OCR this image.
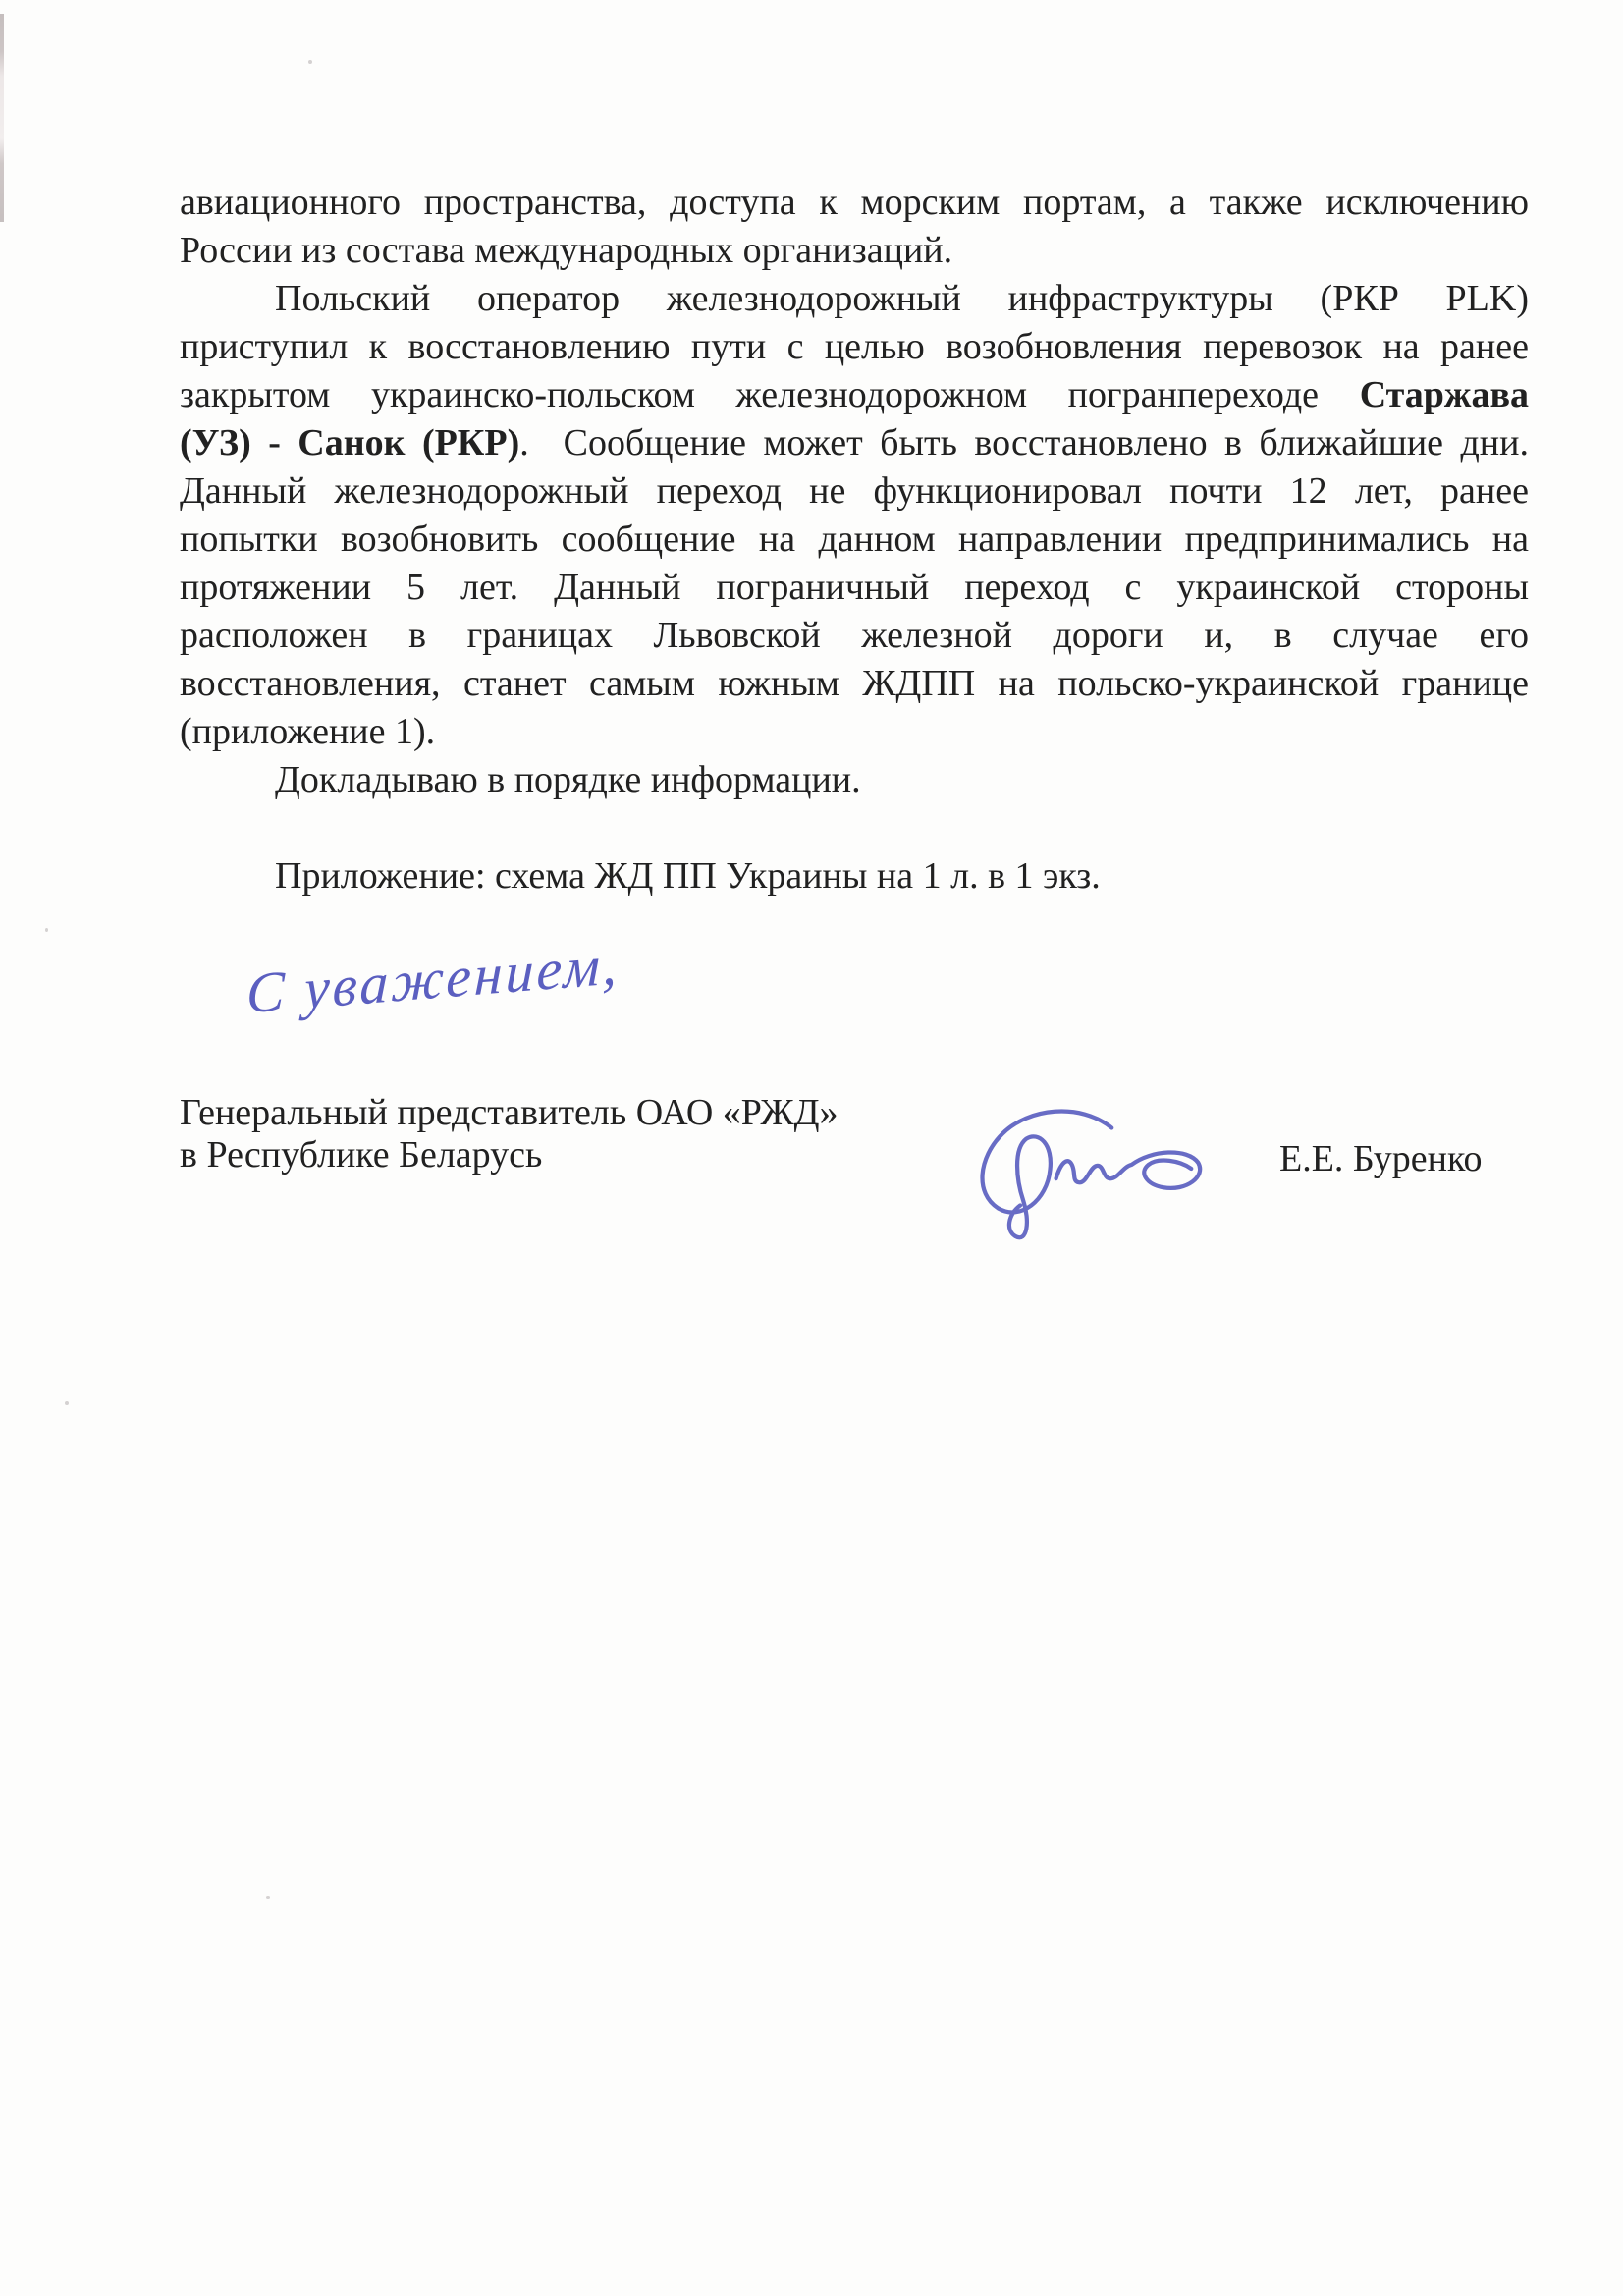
авиационного пространства, доступа к морским портам, а также исключению
России из состава международных организаций.
Польский оператор железнодорожный инфраструктуры (РКР PLK)
приступил к восстановлению пути с целью возобновления перевозок на ранее
закрытом украинско-польском железнодорожном погранпереходе Старжава
(УЗ) - Санок (РКР).  Сообщение может быть восстановлено в ближайшие дни.
Данный железнодорожный переход не функционировал почти 12 лет, ранее
попытки возобновить сообщение на данном направлении предпринимались на
протяжении 5 лет. Данный пограничный переход с украинской стороны
расположен в границах Львовской железной дороги и, в случае его
восстановления, станет самым южным ЖДПП на польско-украинской границе
(приложение 1).
Докладываю в порядке информации.
Приложение: схема ЖД ПП Украины на 1 л. в 1 экз.
С уважением,
Генеральный представитель ОАО «РЖД»
в Республике Беларусь	Е.Е. Буренко
